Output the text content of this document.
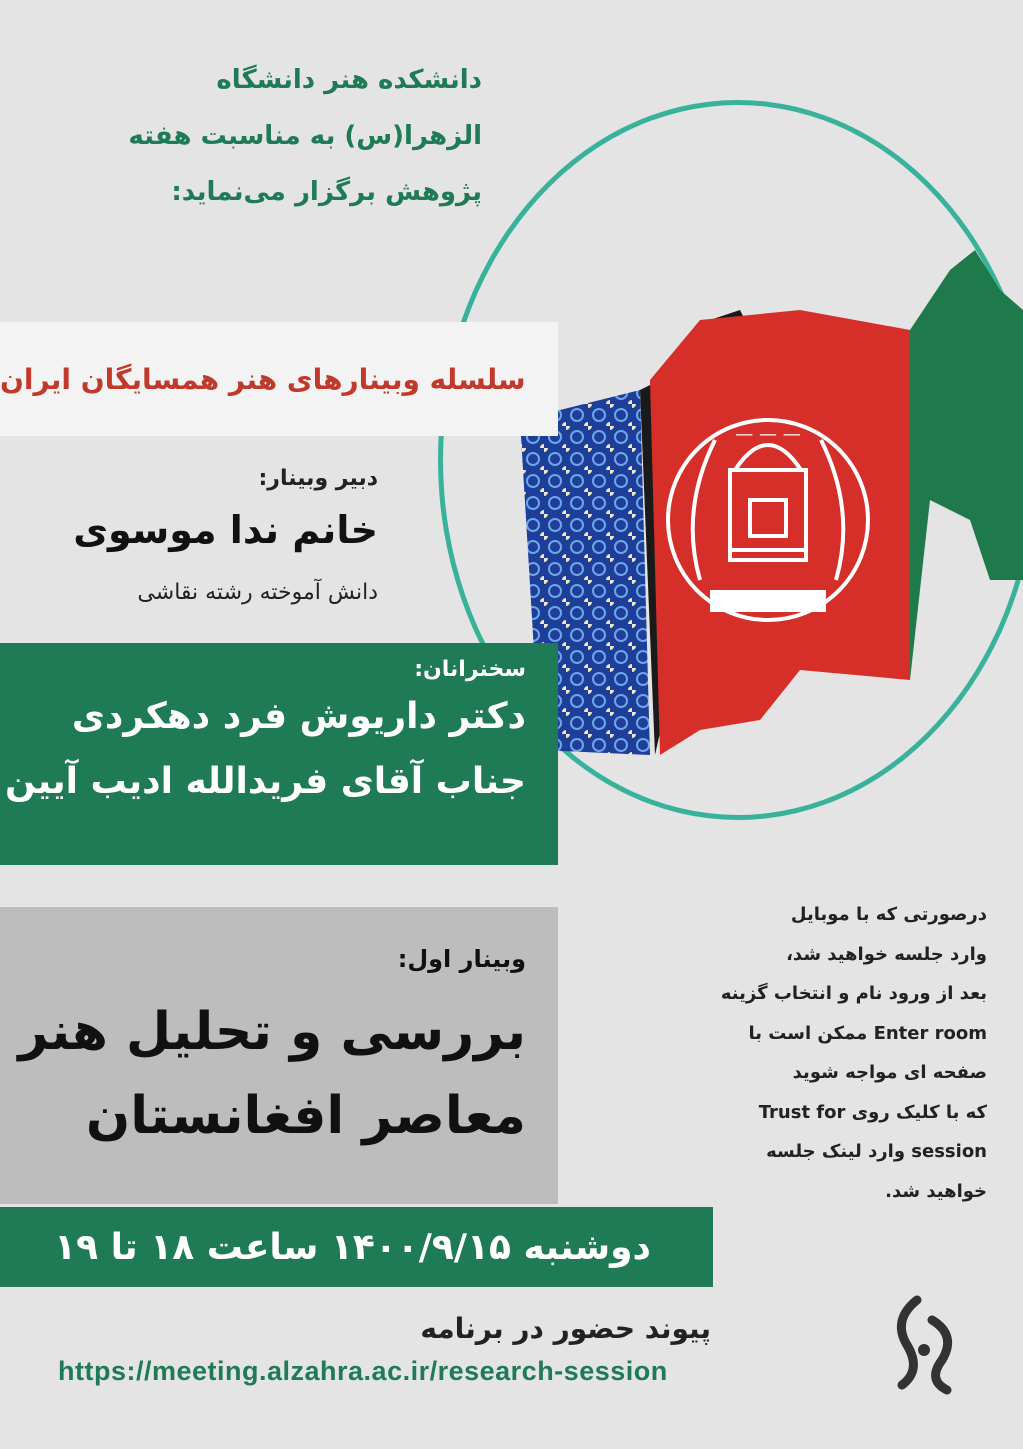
دانشکده هنر دانشگاه
الزهرا(س) به مناسبت هفته
پژوهش برگزار می‌نماید:
— — —
سلسله وبینارهای هنر همسایگان ایران
دبیر وبینار:
خانم ندا موسوی
دانش آموخته رشته نقاشی
سخنرانان:
دکتر داریوش فرد دهکردی
جناب آقای فریدالله ادیب آیین
وبینار اول:
بررسی و تحلیل هنر
معاصر افغانستان
دوشنبه ۱۴۰۰/۹/۱۵ ساعت ۱۸ تا ۱۹
درصورتی که با موبایل
وارد جلسه خواهید شد،
بعد از ورود نام و انتخاب گزینه
Enter room ممکن است با
صفحه ای مواجه شوید
که با کلیک روی Trust for
session وارد لینک جلسه
خواهید شد.
پیوند حضور در برنامه
https://meeting.alzahra.ac.ir/research-session
